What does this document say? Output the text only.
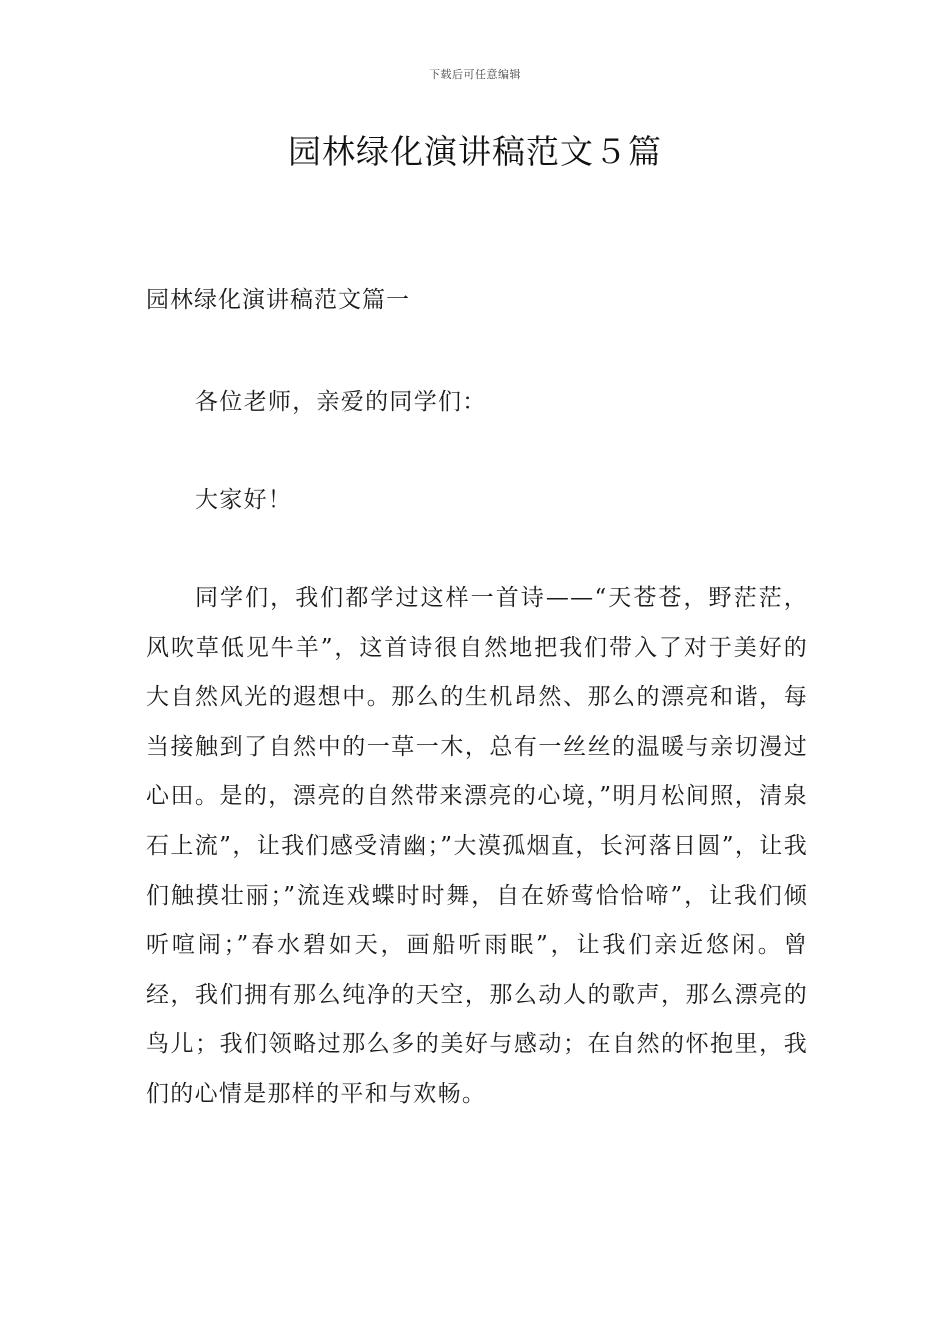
下载后可任意编辑
园林绿化演讲稿范文５篇
园林绿化演讲稿范文篇一

各位老师，亲爱的同学们：

大家好！

同学们，我们都学过这样一首诗——“天苍苍，野茫茫，风吹草低见牛羊”，这首诗很自然地把我们带入了对于美好的大自然风光的遐想中。那么的生机昂然、那么的漂亮和谐，每当接触到了自然中的一草一木，总有一丝丝的温暖与亲切漫过心田。是的，漂亮的自然带来漂亮的心境，”明月松间照，清泉石上流”，让我们感受清幽；”大漠孤烟直，长河落日圆”，让我们触摸壮丽；”流连戏蝶时时舞，自在娇莺恰恰啼”，让我们倾听喧闹；”春水碧如天，画船听雨眠”，让我们亲近悠闲。曾经，我们拥有那么纯净的天空，那么动人的歌声，那么漂亮的鸟儿；我们领略过那么多的美好与感动；在自然的怀抱里，我们的心情是那样的平和与欢畅。
